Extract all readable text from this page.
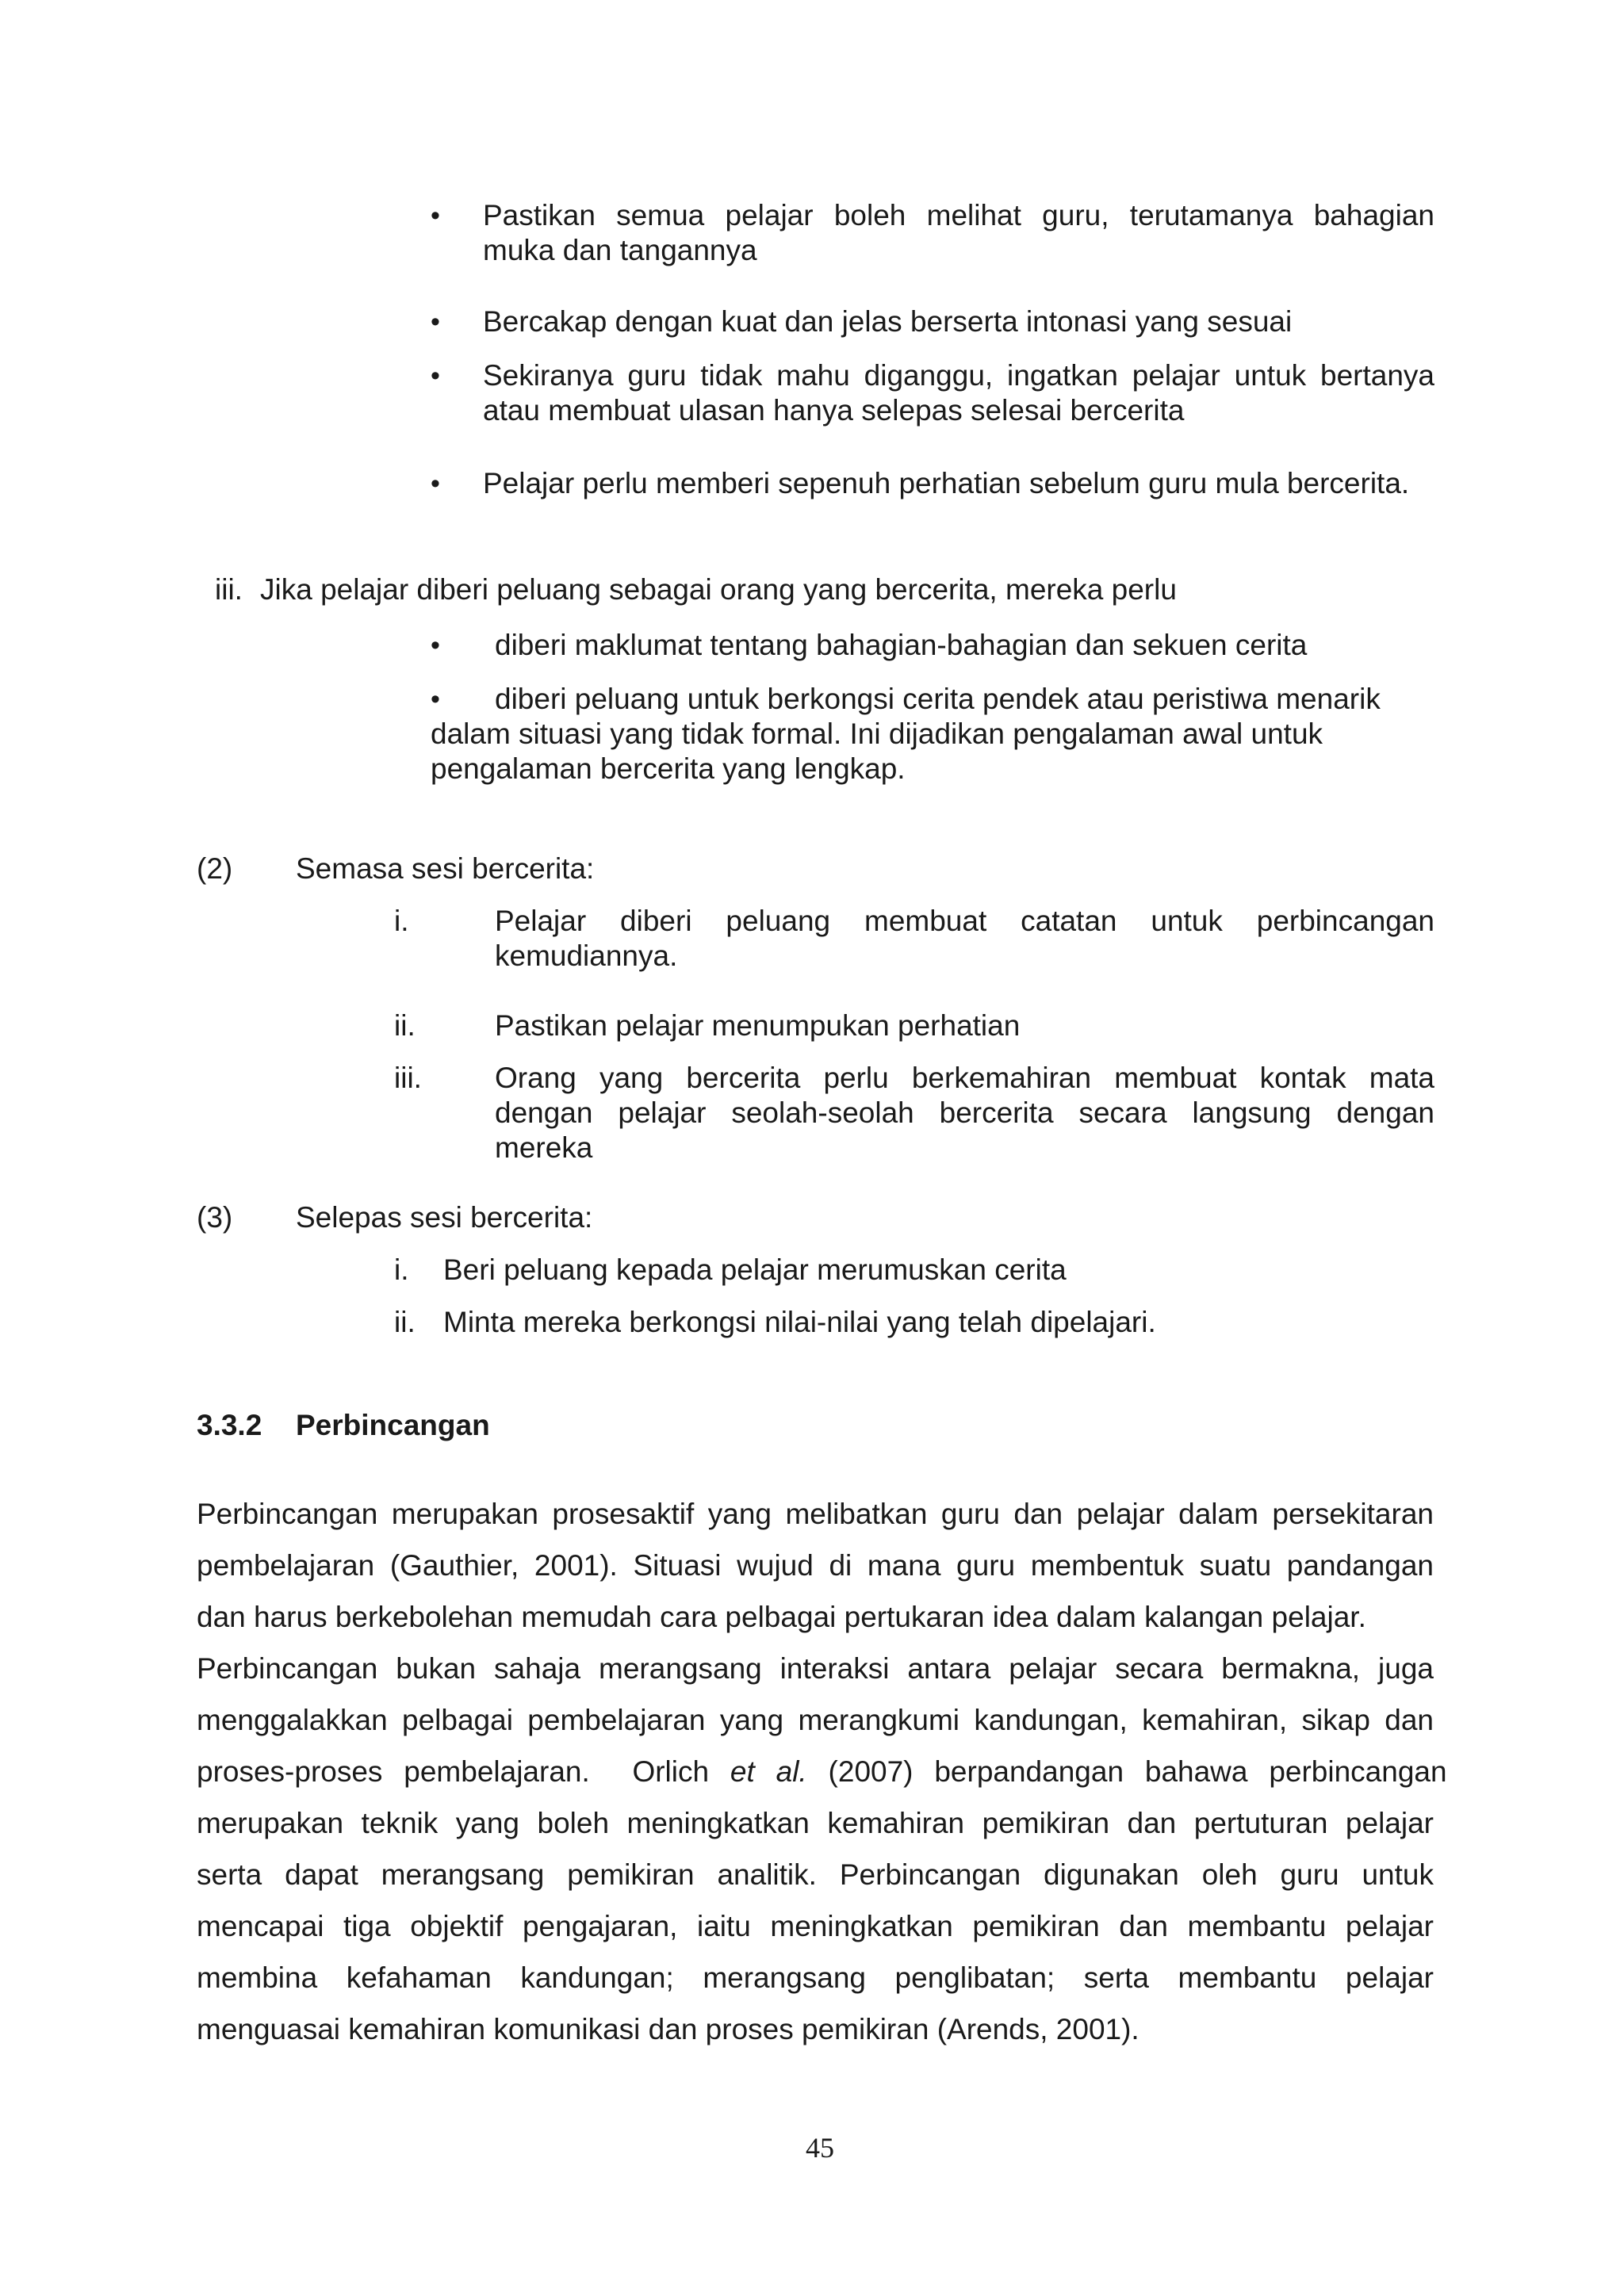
• Pastikan semua pelajar boleh melihat guru, terutamanya bahagian
muka dan tangannya
• Bercakap dengan kuat dan jelas berserta intonasi yang sesuai
• Sekiranya guru tidak mahu diganggu, ingatkan pelajar untuk bertanya
atau membuat ulasan hanya selepas selesai bercerita
• Pelajar perlu memberi sepenuh perhatian sebelum guru mula bercerita.
iii. Jika pelajar diberi peluang sebagai orang yang bercerita, mereka perlu
• diberi maklumat tentang bahagian-bahagian dan sekuen cerita
• diberi peluang untuk berkongsi cerita pendek atau peristiwa menarik
dalam situasi yang tidak formal. Ini dijadikan pengalaman awal untuk
pengalaman bercerita yang lengkap.
(2) Semasa sesi bercerita:
i.	Pelajar diberi peluang membuat catatan untuk perbincangan
kemudiannya.
ii.	Pastikan pelajar menumpukan perhatian
iii. Orang yang bercerita perlu berkemahiran membuat kontak mata
dengan pelajar seolah-seolah bercerita secara langsung dengan
mereka
(3) Selepas sesi bercerita:
i. Beri peluang kepada pelajar merumuskan cerita
ii. Minta mereka berkongsi nilai-nilai yang telah dipelajari.
3.3.2 Perbincangan
Perbincangan merupakan prosesaktif yang melibatkan guru dan pelajar dalam persekitaran
pembelajaran (Gauthier, 2001). Situasi wujud di mana guru membentuk suatu pandangan
dan harus berkebolehan memudah cara pelbagai pertukaran idea dalam kalangan pelajar.
Perbincangan bukan sahaja merangsang interaksi antara pelajar secara bermakna, juga
menggalakkan pelbagai pembelajaran yang merangkumi kandungan, kemahiran, sikap dan
proses-proses pembelajaran.  Orlich et al. (2007) berpandangan bahawa perbincangan
merupakan teknik yang boleh meningkatkan kemahiran pemikiran dan pertuturan pelajar
serta dapat merangsang pemikiran analitik. Perbincangan digunakan oleh guru untuk
mencapai tiga objektif pengajaran, iaitu meningkatkan pemikiran dan membantu pelajar
membina kefahaman kandungan; merangsang penglibatan; serta membantu pelajar
menguasai kemahiran komunikasi dan proses pemikiran (Arends, 2001).
45
